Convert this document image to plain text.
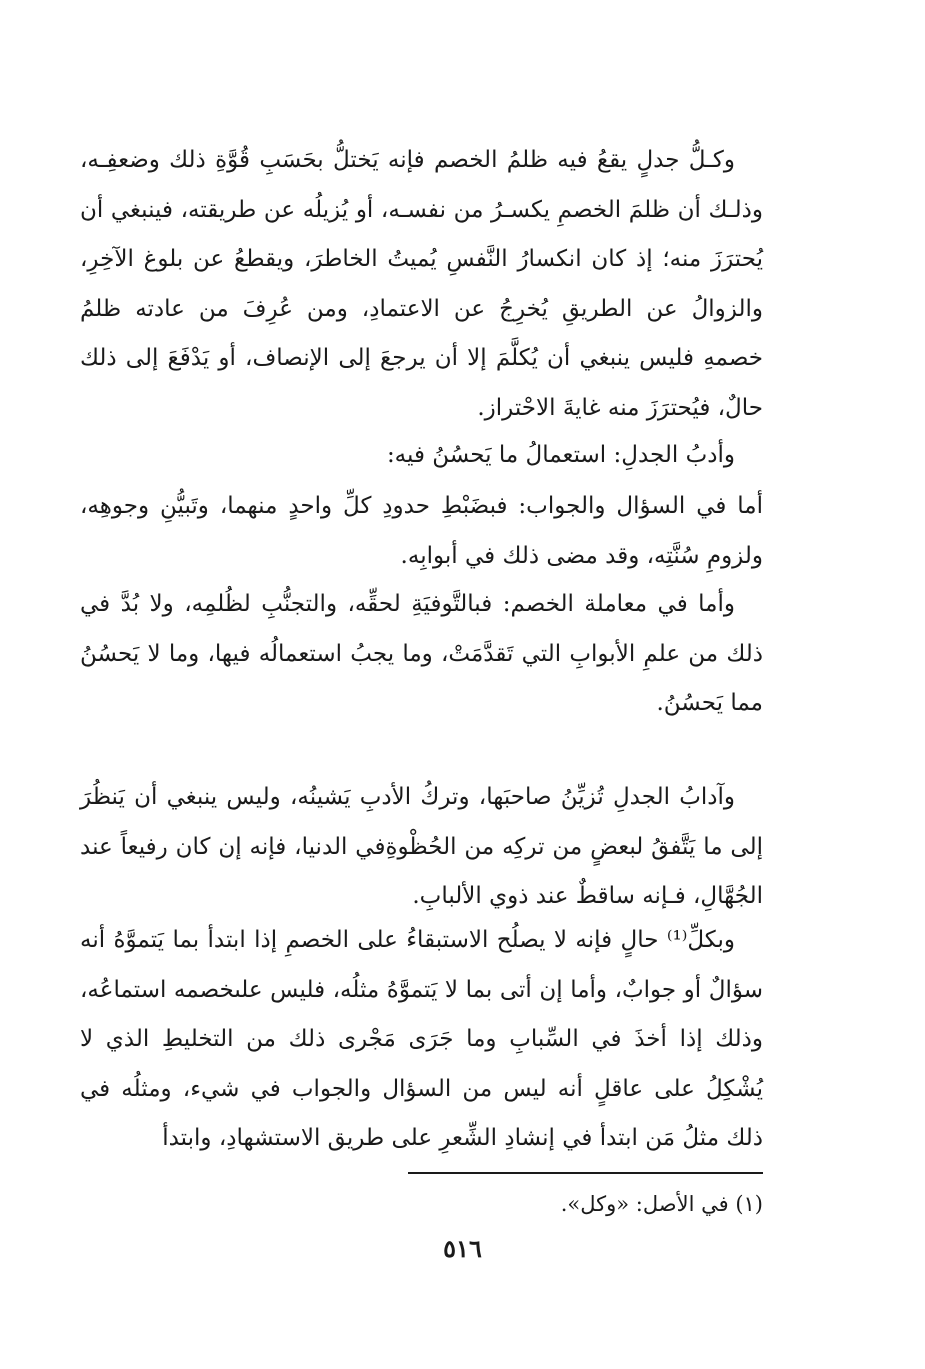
وكـلُّ جدلٍ يقعُ فيه ظلمُ الخصم فإنه يَختلُّ بحَسَبِ قُوَّةِ ذلك وضعفِـه، وذلـك أن ظلمَ الخصمِ يكسـرُ من نفسـه، أو يُزيلُه عن طريقته، فينبغي أن يُحترَزَ منه؛ إذ كان انكسارُ النَّفسِ يُميتُ الخاطرَ، ويقطعُ عن بلوغ الآخِرِ، والزوالُ عن الطريقِ يُخرِجُ عن الاعتمادِ، ومن عُرِفَ من عادته ظلمُ خصمهِ فليس ينبغي أن يُكلَّمَ إلا أن يرجعَ إلى الإنصاف، أو يَدْفَعَ إلى ذلك حالٌ، فيُحترَزَ منه غايةَ الاحْتراز.

وأدبُ الجدلِ: استعمالُ ما يَحسُنُ فيه:

أما في السؤال والجواب: فبضَبْطِ حدودِ كلِّ واحدٍ منهما، وتَبيُّنِ وجوهِه، ولزومِ سُنَّتِه، وقد مضى ذلك في أبوابِه.

وأما في معاملة الخصم: فبالتَّوفيَةِ لحقِّه، والتجنُّبِ لظُلمِه، ولا بُدَّ في ذلك من علمِ الأبوابِ التي تَقدَّمَتْ، وما يجبُ استعمالُه فيها، وما لا يَحسُنُ مما يَحسُنُ.

وآدابُ الجدلِ تُزيِّنُ صاحبَها، وتركُ الأدبِ يَشينُه، وليس ينبغي أن يَنظُرَ إلى ما يَتَّفقُ لبعضٍ من تركِه من الحُظْوةِفي الدنيا، فإنه إن كان رفيعاً عند الجُهَّالِ، فـإنه ساقطٌ عند ذوي الألبابِ.

وبكلِّ⁽¹⁾ حالٍ فإنه لا يصلُح الاستبقاءُ على الخصمِ إذا ابتدأ بما يَتموَّهُ أنه سؤالٌ أو جوابٌ، وأما إن أتى بما لا يَتموَّهُ مثلُه، فليس علىخصمه استماعُه، وذلك إذا أخذَ في السِّبابِ وما جَرَى مَجْرى ذلك من التخليطِ الذي لا يُشْكِلُ على عاقلٍ أنه ليس من السؤال والجواب في شيء، ومثلُه في ذلك مثلُ مَن ابتدأ في إنشادِ الشِّعرِ على طريق الاستشهادِ، وابتدأ

(١) في الأصل: «وكل».
٥١٦
